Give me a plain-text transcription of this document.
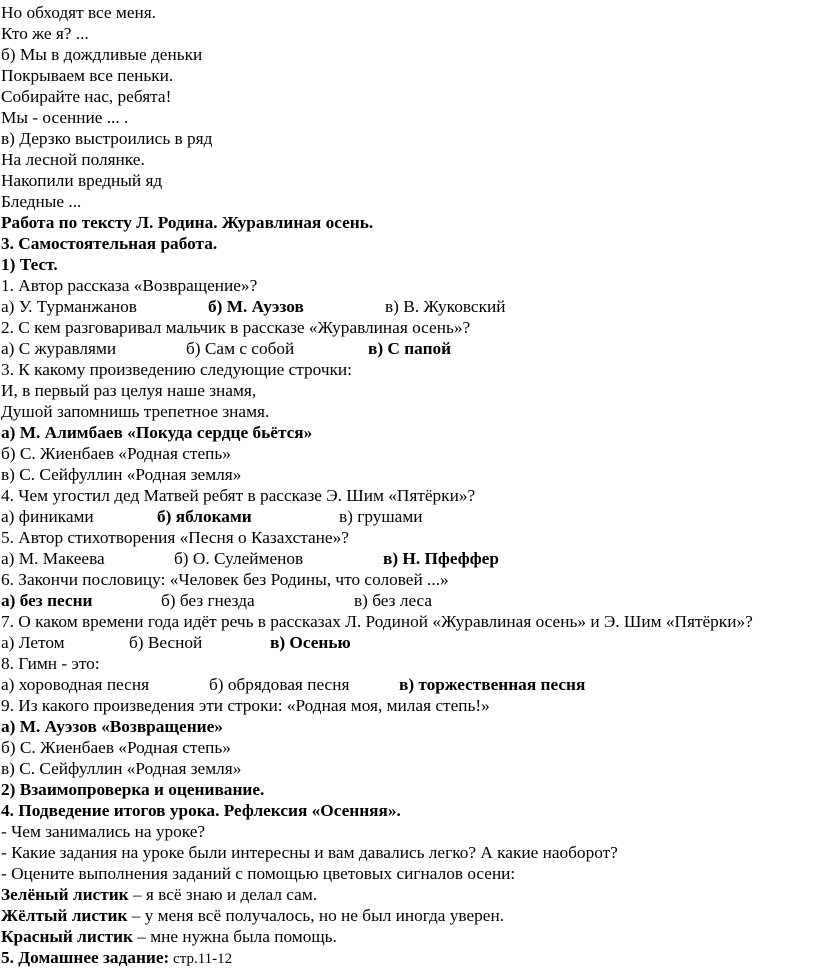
Но обходят все меня.
Кто же я? ...
б) Мы в дождливые деньки
Покрываем все пеньки.
Собирайте нас, ребята!
Мы - осенние ... .
в) Дерзко выстроились в ряд
На лесной полянке.
Накопили вредный яд
Бледные ...
Работа по тексту Л. Родина. Журавлиная осень.
3. Самостоятельная работа.
1) Тест.
1. Автор рассказа «Возвращение»?
а) У. Турманжанов	б) М. Ауэзов	в) В. Жуковский
2. С кем разговаривал мальчик в рассказе «Журавлиная осень»?
а) С журавлями	б) Сам с собой	в) С папой
3. К какому произведению следующие строчки:
И, в первый раз целуя наше знамя,
Душой запомнишь трепетное знамя.
а) М. Алимбаев «Покуда сердце бьётся»
б) С. Жиенбаев «Родная степь»
в) С. Сейфуллин «Родная земля»
4. Чем угостил дед Матвей ребят в рассказе Э. Шим «Пятёрки»?
а) финиками	б) яблоками	в) грушами
5. Автор стихотворения «Песня о Казахстане»?
а) М. Макеева	б) О. Сулейменов	в) Н. Пфеффер
6. Закончи пословицу: «Человек без Родины, что соловей ...»
а) без песни	б) без гнезда	в) без леса
7. О каком времени года идёт речь в рассказах Л. Родиной «Журавлиная осень» и Э. Шим «Пятёрки»?
а) Летом	б) Весной	в) Осенью
8. Гимн - это:
а) хороводная песня	б) обрядовая песня	в) торжественная песня
9. Из какого произведения эти строки: «Родная моя, милая степь!»
а) М. Ауэзов «Возвращение»
б) С. Жиенбаев «Родная степь»
в) С. Сейфуллин «Родная земля»
2) Взаимопроверка и оценивание.
4. Подведение итогов урока. Рефлексия «Осенняя».
- Чем занимались на уроке?
- Какие задания на уроке были интересны и вам давались легко? А какие наоборот?
- Оцените выполнения заданий с помощью цветовых сигналов осени:
Зелёный листик – я всё знаю и делал сам.
Жёлтый листик – у меня всё получалось, но не был иногда уверен.
Красный листик – мне нужна была помощь.
5. Домашнее задание: стр.11-12
